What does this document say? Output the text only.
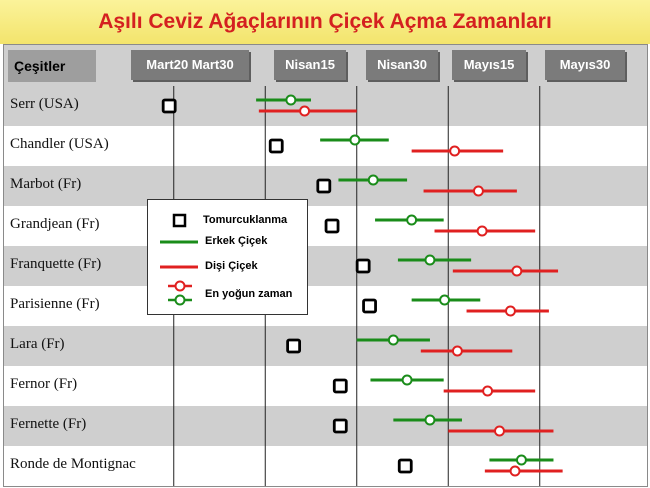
Aşılı Ceviz Ağaçlarının Çiçek Açma Zamanları
Çeşitler	Mart20 Mart30	Nisan15	Nisan30	Mayıs15	Mayıs30
Serr (USA)
Chandler (USA)
Marbot (Fr)
Grandjean (Fr)
Franquette (Fr)
Parisienne (Fr)
Lara (Fr)
Fernor (Fr)
Fernette (Fr)
Ronde de Montignac
Tomurcuklanma
Erkek Çiçek
Dişi Çiçek
En yoğun zaman
